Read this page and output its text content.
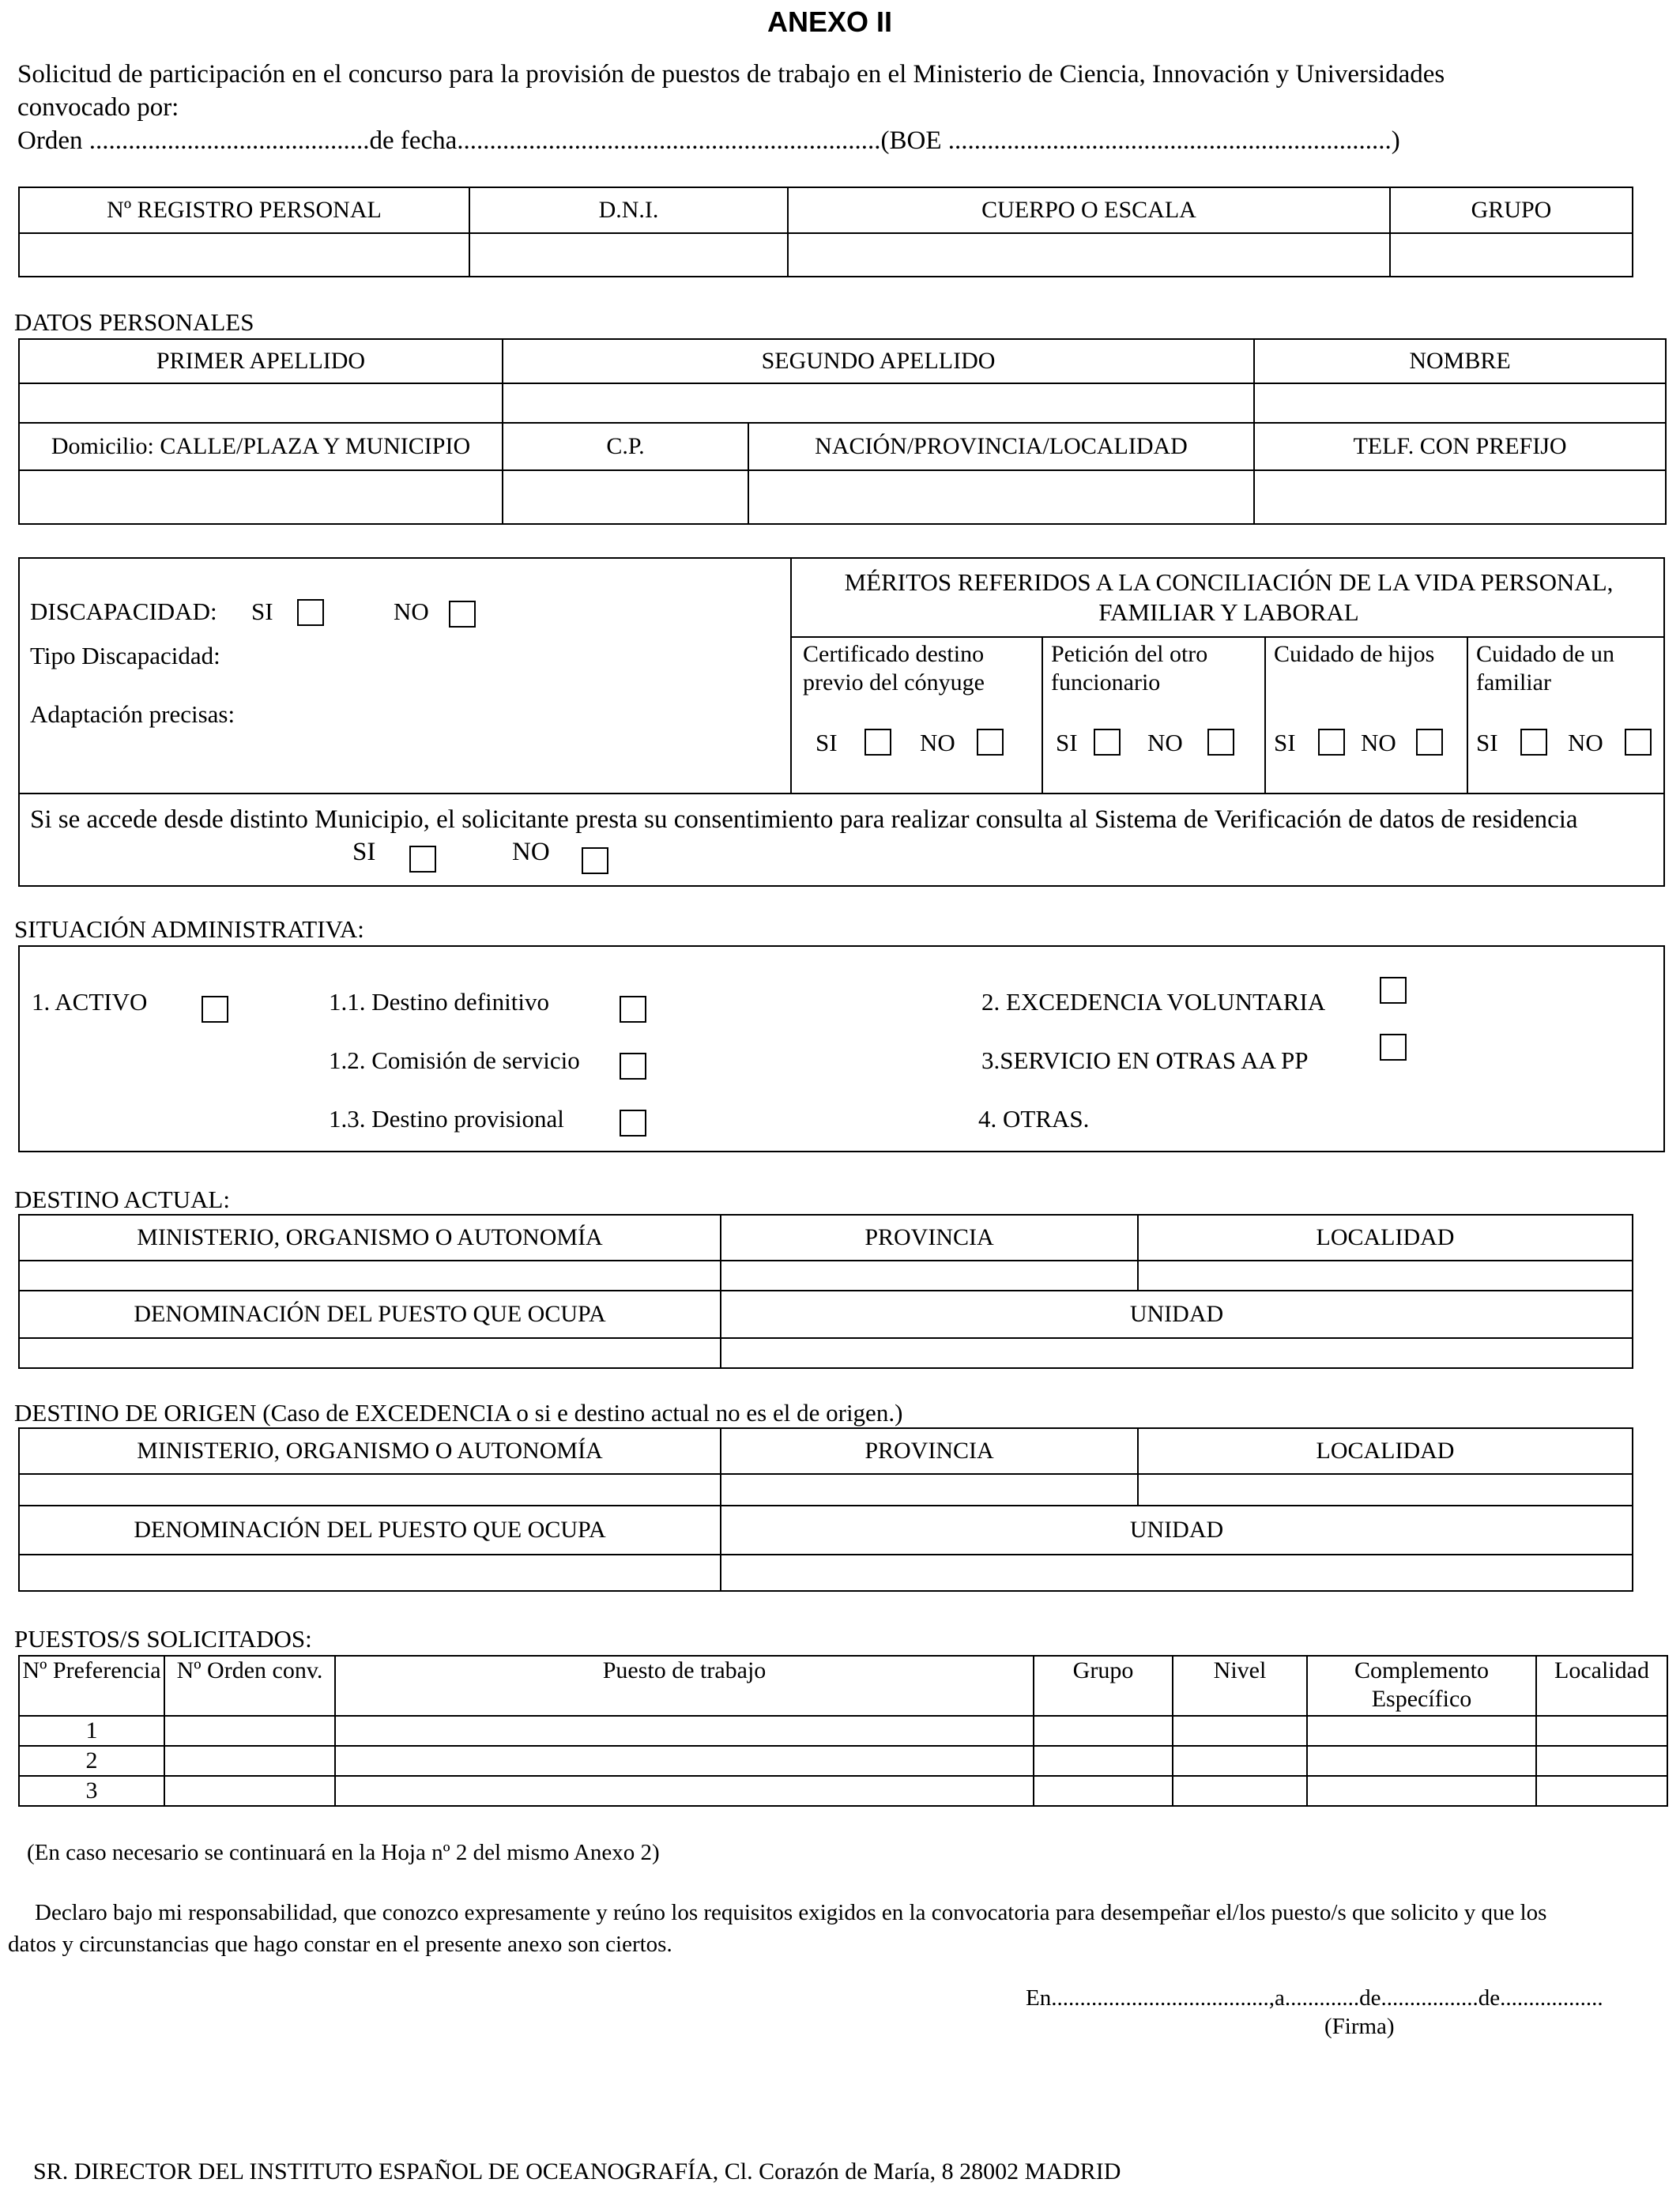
ANEXO II
Solicitud de participación en el concurso para la provisión de puestos de trabajo en el Ministerio de Ciencia, Innovación y Universidades
convocado por:
Orden ...........................................de fecha.................................................................(BOE ....................................................................)
Nº REGISTRO PERSONAL	D.N.I.	CUERPO O ESCALA	GRUPO

DATOS PERSONALES
PRIMER APELLIDO	SEGUNDO APELLIDO		NOMBRE

Domicilio: CALLE/PLAZA Y MUNICIPIO	C.P.	NACIÓN/PROVINCIA/LOCALIDAD	TELF. CON PREFIJO

DISCAPACIDAD: SI	NO
Tipo Discapacidad:
Adaptación precisas:
MÉRITOS REFERIDOS A LA CONCILIACIÓN DE LA VIDA PERSONAL, FAMILIAR Y LABORAL
Certificado destino previo del cónyuge
SI	NO
Petición del otro funcionario
SI	NO
Cuidado de hijos
SI	NO
Cuidado de un familiar
SI	NO
Si se accede desde distinto Municipio, el solicitante presta su consentimiento para realizar consulta al Sistema de Verificación de datos de residencia
SI	NO
SITUACIÓN ADMINISTRATIVA:
1. ACTIVO	1.1. Destino definitivo
1.2. Comisión de servicio
1.3. Destino provisional
2. EXCEDENCIA VOLUNTARIA
3.SERVICIO EN OTRAS AA PP
4. OTRAS.
DESTINO ACTUAL:
MINISTERIO, ORGANISMO O AUTONOMÍA	PROVINCIA	LOCALIDAD

DENOMINACIÓN DEL PUESTO QUE OCUPA	UNIDAD	

DESTINO DE ORIGEN (Caso de EXCEDENCIA o si e destino actual no es el de origen.)
MINISTERIO, ORGANISMO O AUTONOMÍA	PROVINCIA	LOCALIDAD

DENOMINACIÓN DEL PUESTO QUE OCUPA	UNIDAD	

PUESTOS/S SOLICITADOS:
Nº Preferencia	Nº Orden conv.	Puesto de trabajo	Grupo	Nivel	Complemento Específico	Localidad
1						
2						
3						
(En caso necesario se continuará en la Hoja nº 2 del mismo Anexo 2)
Declaro bajo mi responsabilidad, que conozco expresamente y reúno los requisitos exigidos en la convocatoria para desempeñar el/los puesto/s que solicito y que los datos y circunstancias que hago constar en el presente anexo son ciertos.
En......................................,a.............de.................de..................
(Firma)
SR. DIRECTOR DEL INSTITUTO ESPAÑOL DE OCEANOGRAFÍA, Cl. Corazón de María, 8 28002 MADRID
